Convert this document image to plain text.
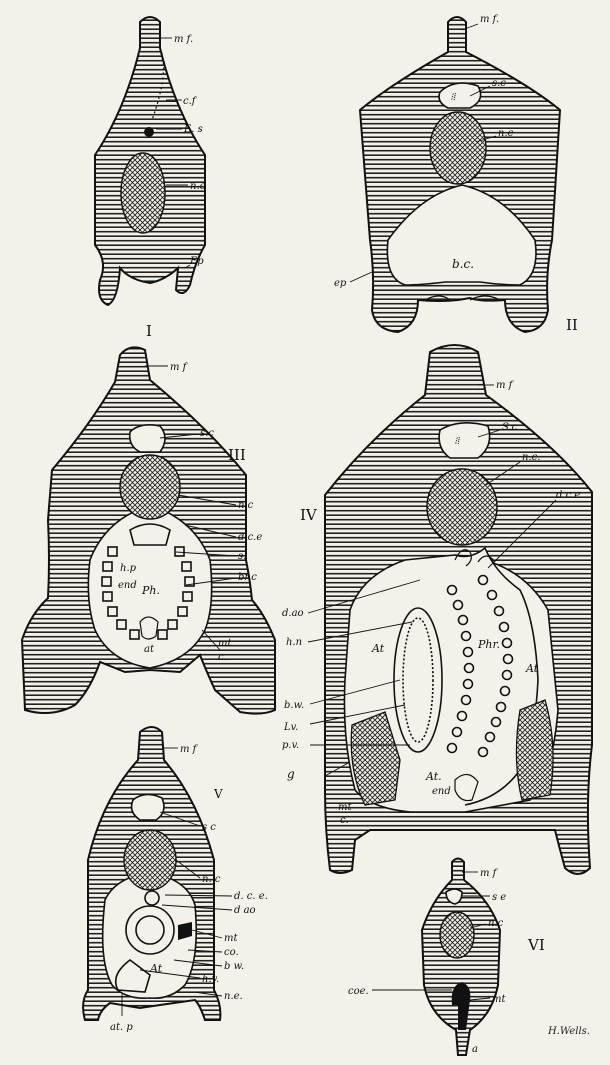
⁝⁞
⁝⁞
m f.
c.f
E. s
n.c
Ep
I
m f.
s.c
n.c
b.c.
ep
II
m f
s.c
III
n.c
d.c.e
s.
h.p
br.c
end Ph.
at
mt
c.
m f
S.c
n.c.
d.c.e
IV
d.ao
h.n	At	Phr.
At
b.w.
Lv.
p.v.
At.
end
mt
c.
m f
g
V
s c
n. c
d. c. e.
d ao
mt
co.
b w.
At
h.v.
n.e.
at. p
m f
s e
n.c
VI
coe.
mt
a
H.Wells.
